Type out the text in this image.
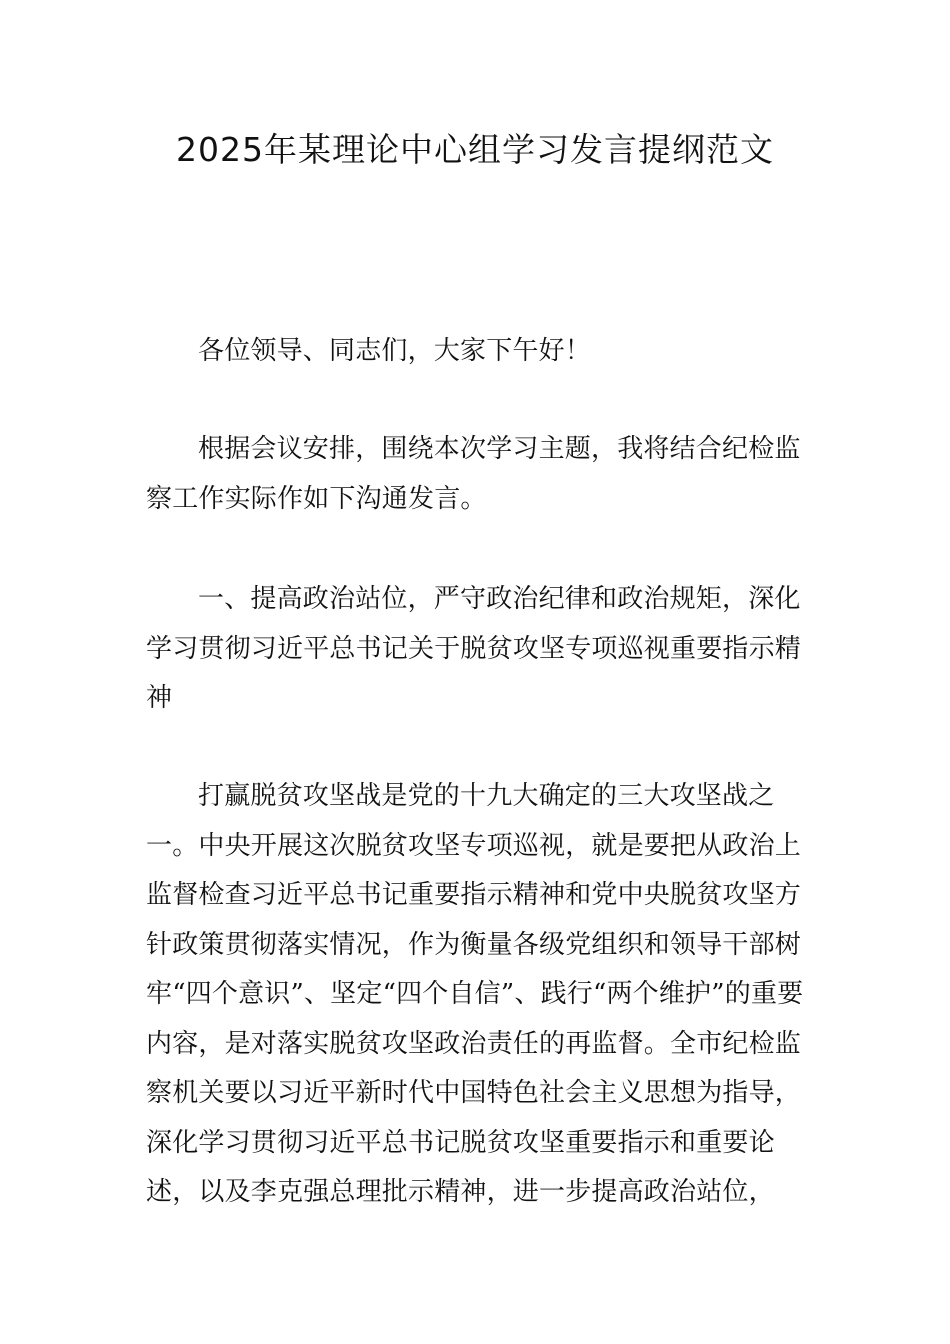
2025年某理论中心组学习发言提纲范文

各位领导、同志们，大家下午好！

根据会议安排，围绕本次学习主题，我将结合纪检监察工作实际作如下沟通发言。

一、提高政治站位，严守政治纪律和政治规矩，深化学习贯彻习近平总书记关于脱贫攻坚专项巡视重要指示精神

打赢脱贫攻坚战是党的十九大确定的三大攻坚战之一。中央开展这次脱贫攻坚专项巡视，就是要把从政治上监督检查习近平总书记重要指示精神和党中央脱贫攻坚方针政策贯彻落实情况，作为衡量各级党组织和领导干部树牢“四个意识”、坚定“四个自信”、践行“两个维护”的重要内容，是对落实脱贫攻坚政治责任的再监督。全市纪检监察机关要以习近平新时代中国特色社会主义思想为指导，深化学习贯彻习近平总书记脱贫攻坚重要指示和重要论述，以及李克强总理批示精神，进一步提高政治站位，
